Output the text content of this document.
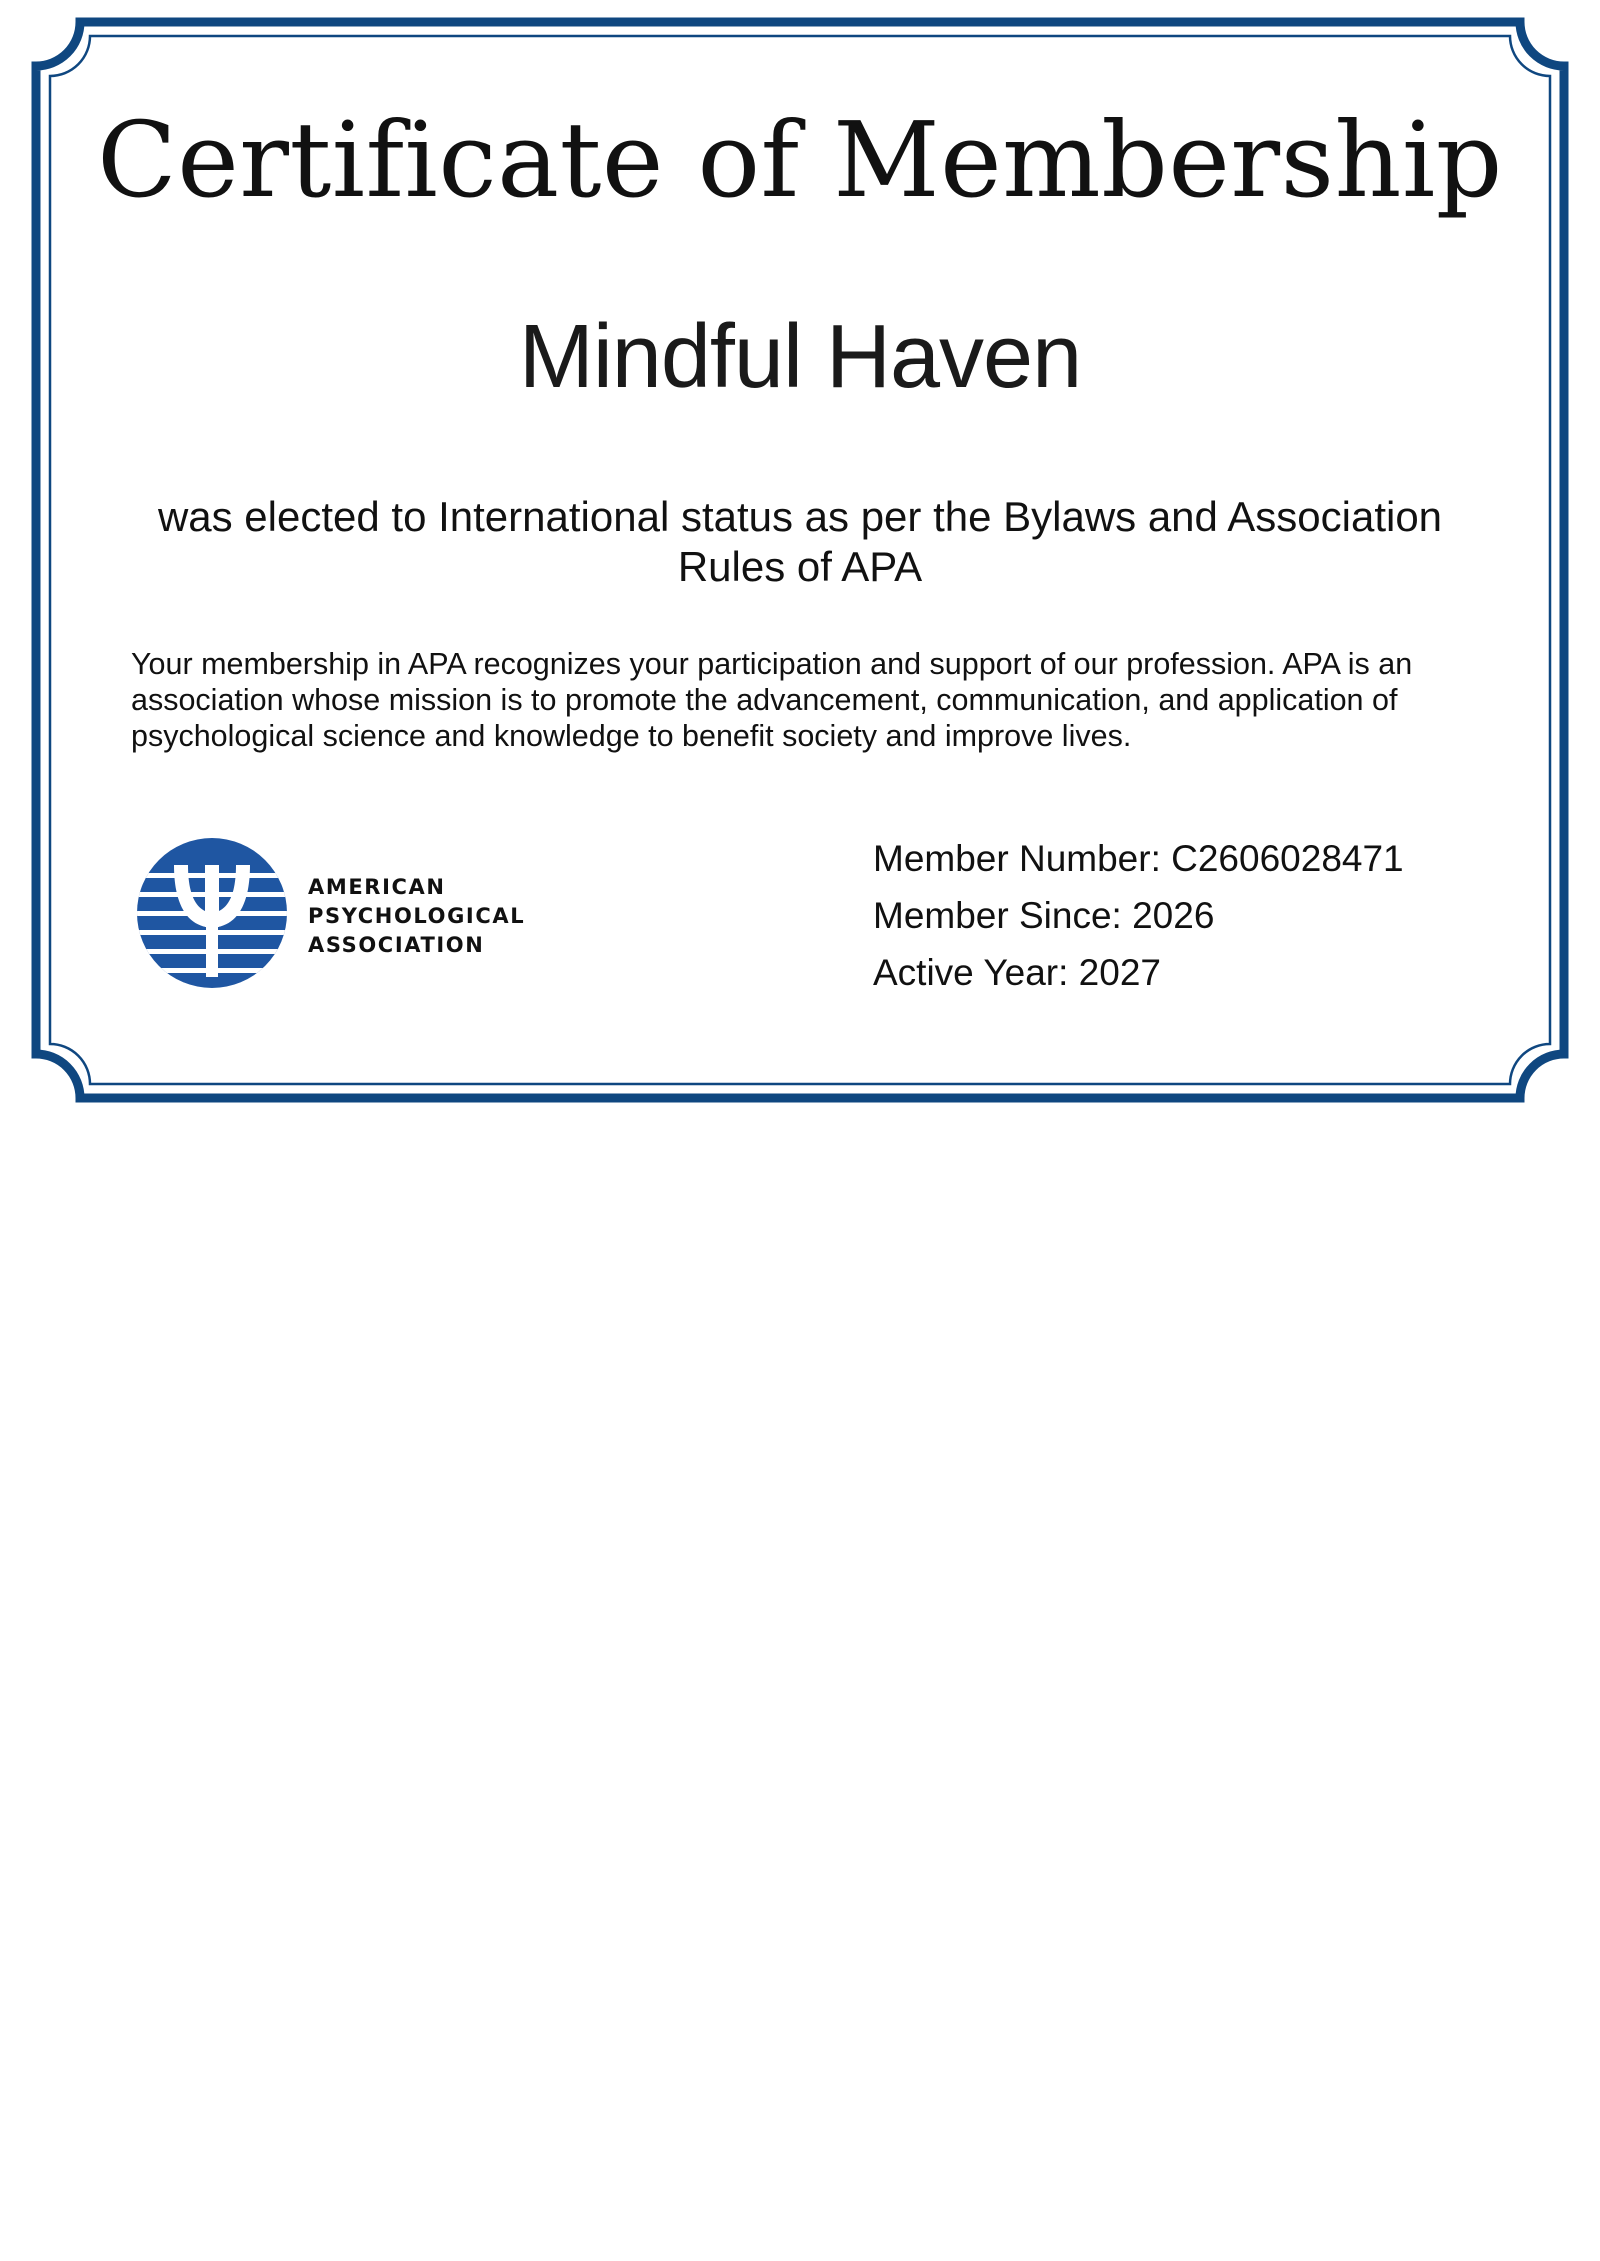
Certificate of Membership
Mindful Haven
was elected to International status as per the Bylaws and Association Rules of APA
Your membership in APA recognizes your participation and support of our profession. APA is an association whose mission is to promote the advancement, communication, and application of psychological science and knowledge to benefit society and improve lives.
AMERICAN
PSYCHOLOGICAL
ASSOCIATION
Member Number: C2606028471
Member Since: 2026
Active Year: 2027
